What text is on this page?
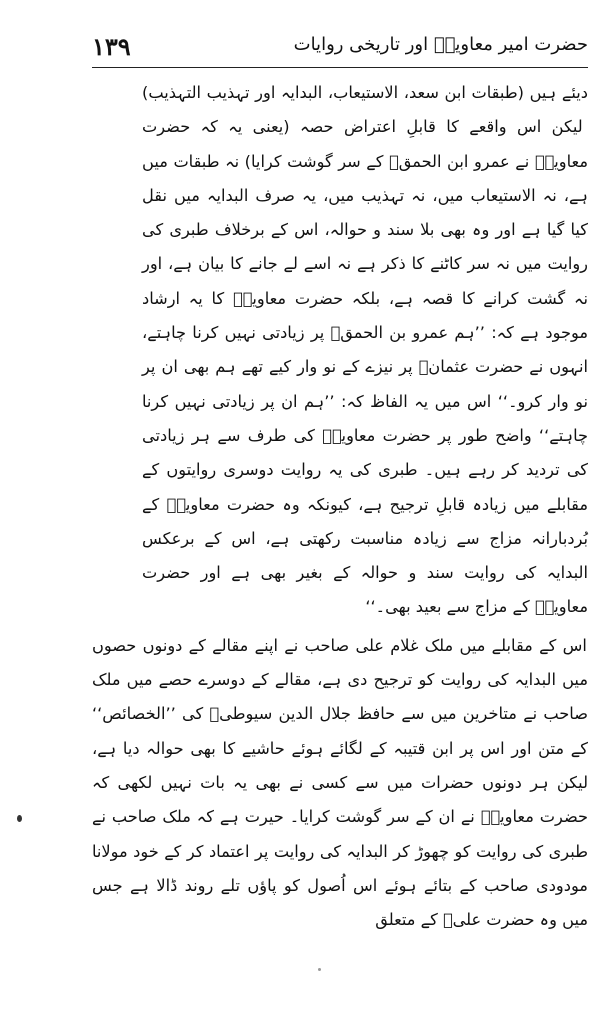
۱۳۹	حضرت امیر معاویہؓ اور تاریخی روایات
دیئے ہیں (طبقات ابن سعد، الاستیعاب، البدایہ اور تہذیب التہذیب) لیکن اس واقعے کا قابلِ اعتراض حصہ (یعنی یہ کہ حضرت معاویہؓ نے عمرو ابن الحمقؓ کے سر گوشت کرایا) نہ طبقات میں ہے، نہ الاستیعاب میں، نہ تہذیب میں، یہ صرف البدایہ میں نقل کیا گیا ہے اور وہ بھی بلا سند و حوالہ، اس کے برخلاف طبری کی روایت میں نہ سر کاٹنے کا ذکر ہے نہ اسے لے جانے کا بیان ہے، اور نہ گشت کرانے کا قصہ ہے، بلکہ حضرت معاویہؓ کا یہ ارشاد موجود ہے کہ: ’’ہم عمرو بن الحمقؓ پر زیادتی نہیں کرنا چاہتے، انہوں نے حضرت عثمانؓ پر نیزے کے نو وار کیے تھے ہم بھی ان پر نو وار کرو۔‘‘ اس میں یہ الفاظ کہ: ’’ہم ان پر زیادتی نہیں کرنا چاہتے‘‘ واضح طور پر حضرت معاویہؓ کی طرف سے ہر زیادتی کی تردید کر رہے ہیں۔ طبری کی یہ روایت دوسری روایتوں کے مقابلے میں زیادہ قابلِ ترجیح ہے، کیونکہ وہ حضرت معاویہؓ کے بُردبارانہ مزاج سے زیادہ مناسبت رکھتی ہے، اس کے برعکس البدایہ کی روایت سند و حوالہ کے بغیر بھی ہے اور حضرت معاویہؓ کے مزاج سے بعید بھی۔‘‘
اس کے مقابلے میں ملک غلام علی صاحب نے اپنے مقالے کے دونوں حصوں میں البدایہ کی روایت کو ترجیح دی ہے، مقالے کے دوسرے حصے میں ملک صاحب نے متاخرین میں سے حافظ جلال الدین سیوطیؒ کی ’’الخصائص‘‘ کے متن اور اس پر ابن قتیبہ کے لگائے ہوئے حاشیے کا بھی حوالہ دیا ہے، لیکن ہر دونوں حضرات میں سے کسی نے بھی یہ بات نہیں لکھی کہ حضرت معاویہؓ نے ان کے سر گوشت کرایا۔ حیرت ہے کہ ملک صاحب نے طبری کی روایت کو چھوڑ کر البدایہ کی روایت پر اعتماد کر کے خود مولانا مودودی صاحب کے بتائے ہوئے اس اُصول کو پاؤں تلے روند ڈالا ہے جس میں وہ حضرت علیؓ کے متعلق
